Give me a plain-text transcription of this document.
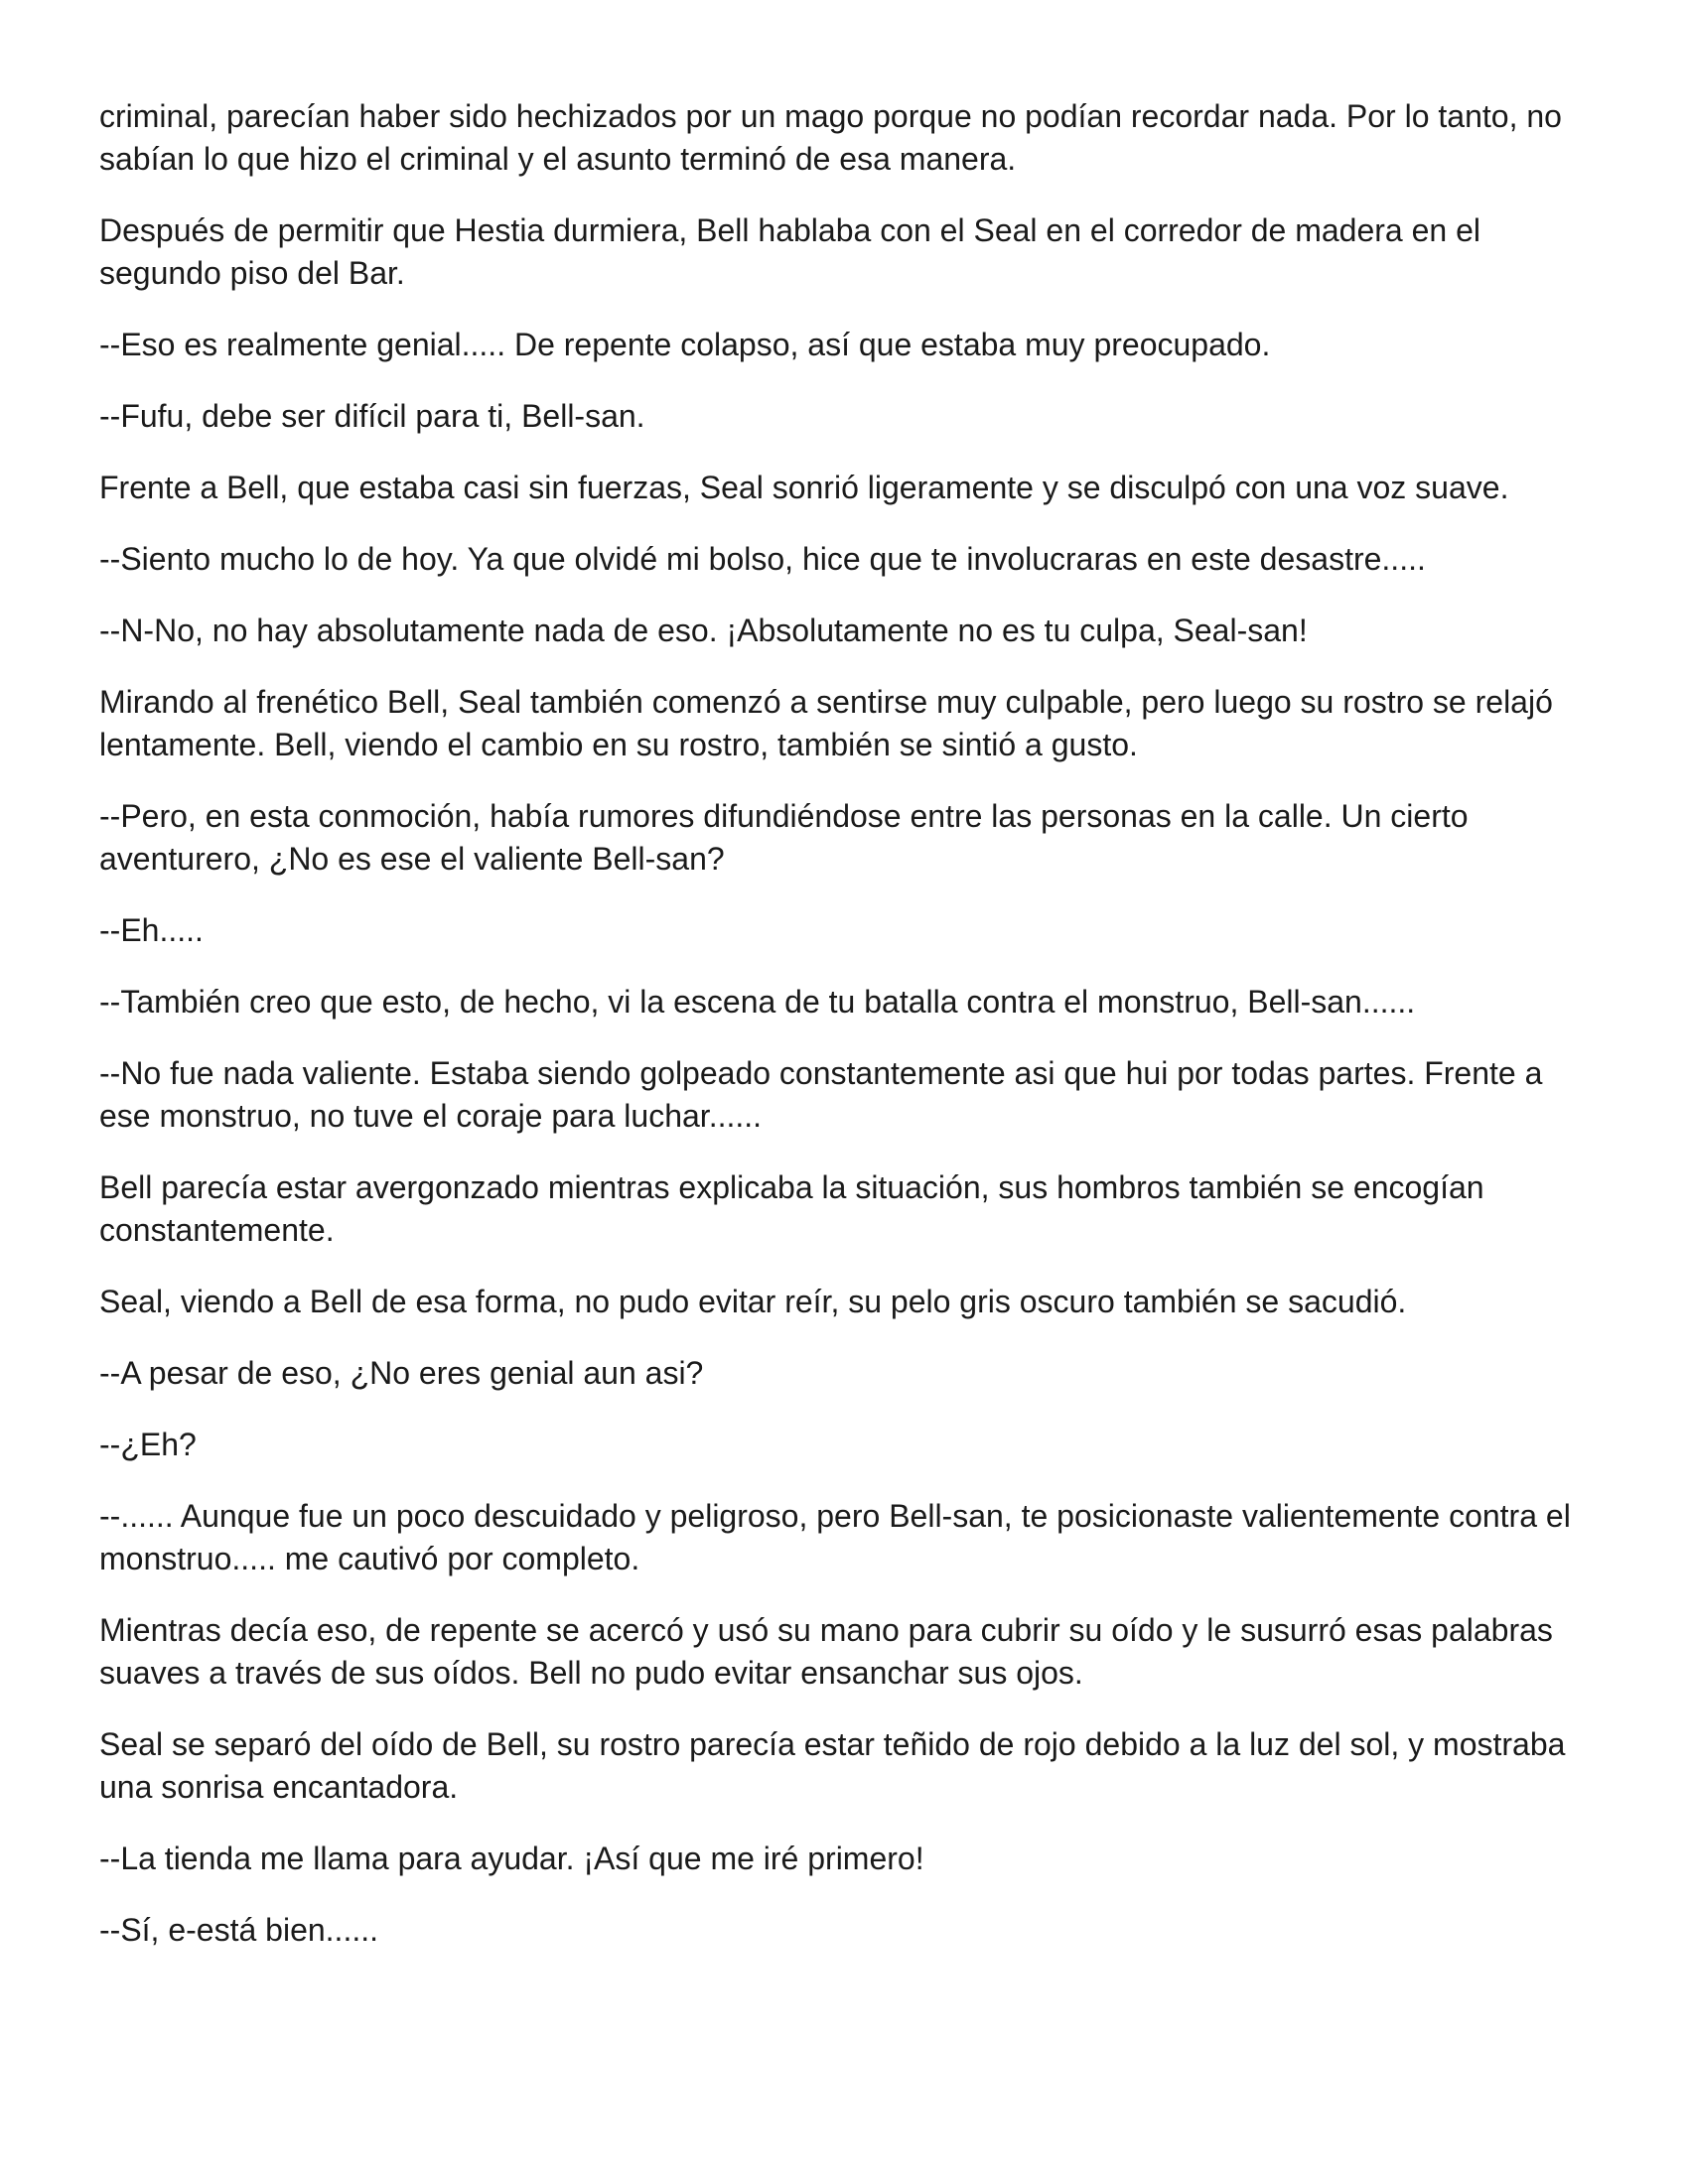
criminal, parecían haber sido hechizados por un mago porque no podían recordar nada. Por lo tanto, no sabían lo que hizo el criminal y el asunto terminó de esa manera.

Después de permitir que Hestia durmiera, Bell hablaba con el Seal en el corredor de madera en el segundo piso del Bar.

--Eso es realmente genial..... De repente colapso, así que estaba muy preocupado.

--Fufu, debe ser difícil para ti, Bell-san.

Frente a Bell, que estaba casi sin fuerzas, Seal sonrió ligeramente y se disculpó con una voz suave.

--Siento mucho lo de hoy. Ya que olvidé mi bolso, hice que te involucraras en este desastre.....

--N-No, no hay absolutamente nada de eso. ¡Absolutamente no es tu culpa, Seal-san!

Mirando al frenético Bell, Seal también comenzó a sentirse muy culpable, pero luego su rostro se relajó lentamente. Bell, viendo el cambio en su rostro, también se sintió a gusto.

--Pero, en esta conmoción, había rumores difundiéndose entre las personas en la calle. Un cierto aventurero, ¿No es ese el valiente Bell-san?

--Eh.....

--También creo que esto, de hecho, vi la escena de tu batalla contra el monstruo, Bell-san......

--No fue nada valiente. Estaba siendo golpeado constantemente asi que hui por todas partes. Frente a ese monstruo, no tuve el coraje para luchar......

Bell parecía estar avergonzado mientras explicaba la situación, sus hombros también se encogían constantemente.

Seal, viendo a Bell de esa forma, no pudo evitar reír, su pelo gris oscuro también se sacudió.

--A pesar de eso, ¿No eres genial aun asi?

--¿Eh?

--...... Aunque fue un poco descuidado y peligroso, pero Bell-san, te posicionaste valientemente contra el monstruo..... me cautivó por completo.

Mientras decía eso, de repente se acercó y usó su mano para cubrir su oído y le susurró esas palabras suaves a través de sus oídos. Bell no pudo evitar ensanchar sus ojos.

Seal se separó del oído de Bell, su rostro parecía estar teñido de rojo debido a la luz del sol, y mostraba una sonrisa encantadora.

--La tienda me llama para ayudar. ¡Así que me iré primero!

--Sí, e-está bien......
